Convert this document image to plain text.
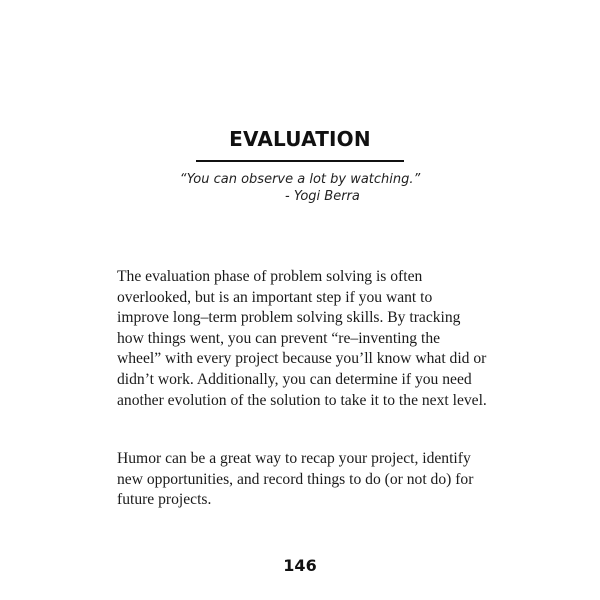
EVALUATION
“You can observe a lot by watching.”
- Yogi Berra

The evaluation phase of problem solving is often overlooked, but is an important step if you want to improve long–term problem solving skills. By tracking how things went, you can prevent “re–inventing the wheel” with every project because you’ll know what did or didn’t work. Additionally, you can determine if you need another evolution of the solution to take it to the next level.

Humor can be a great way to recap your project, identify new opportunities, and record things to do (or not do) for future projects.

146
